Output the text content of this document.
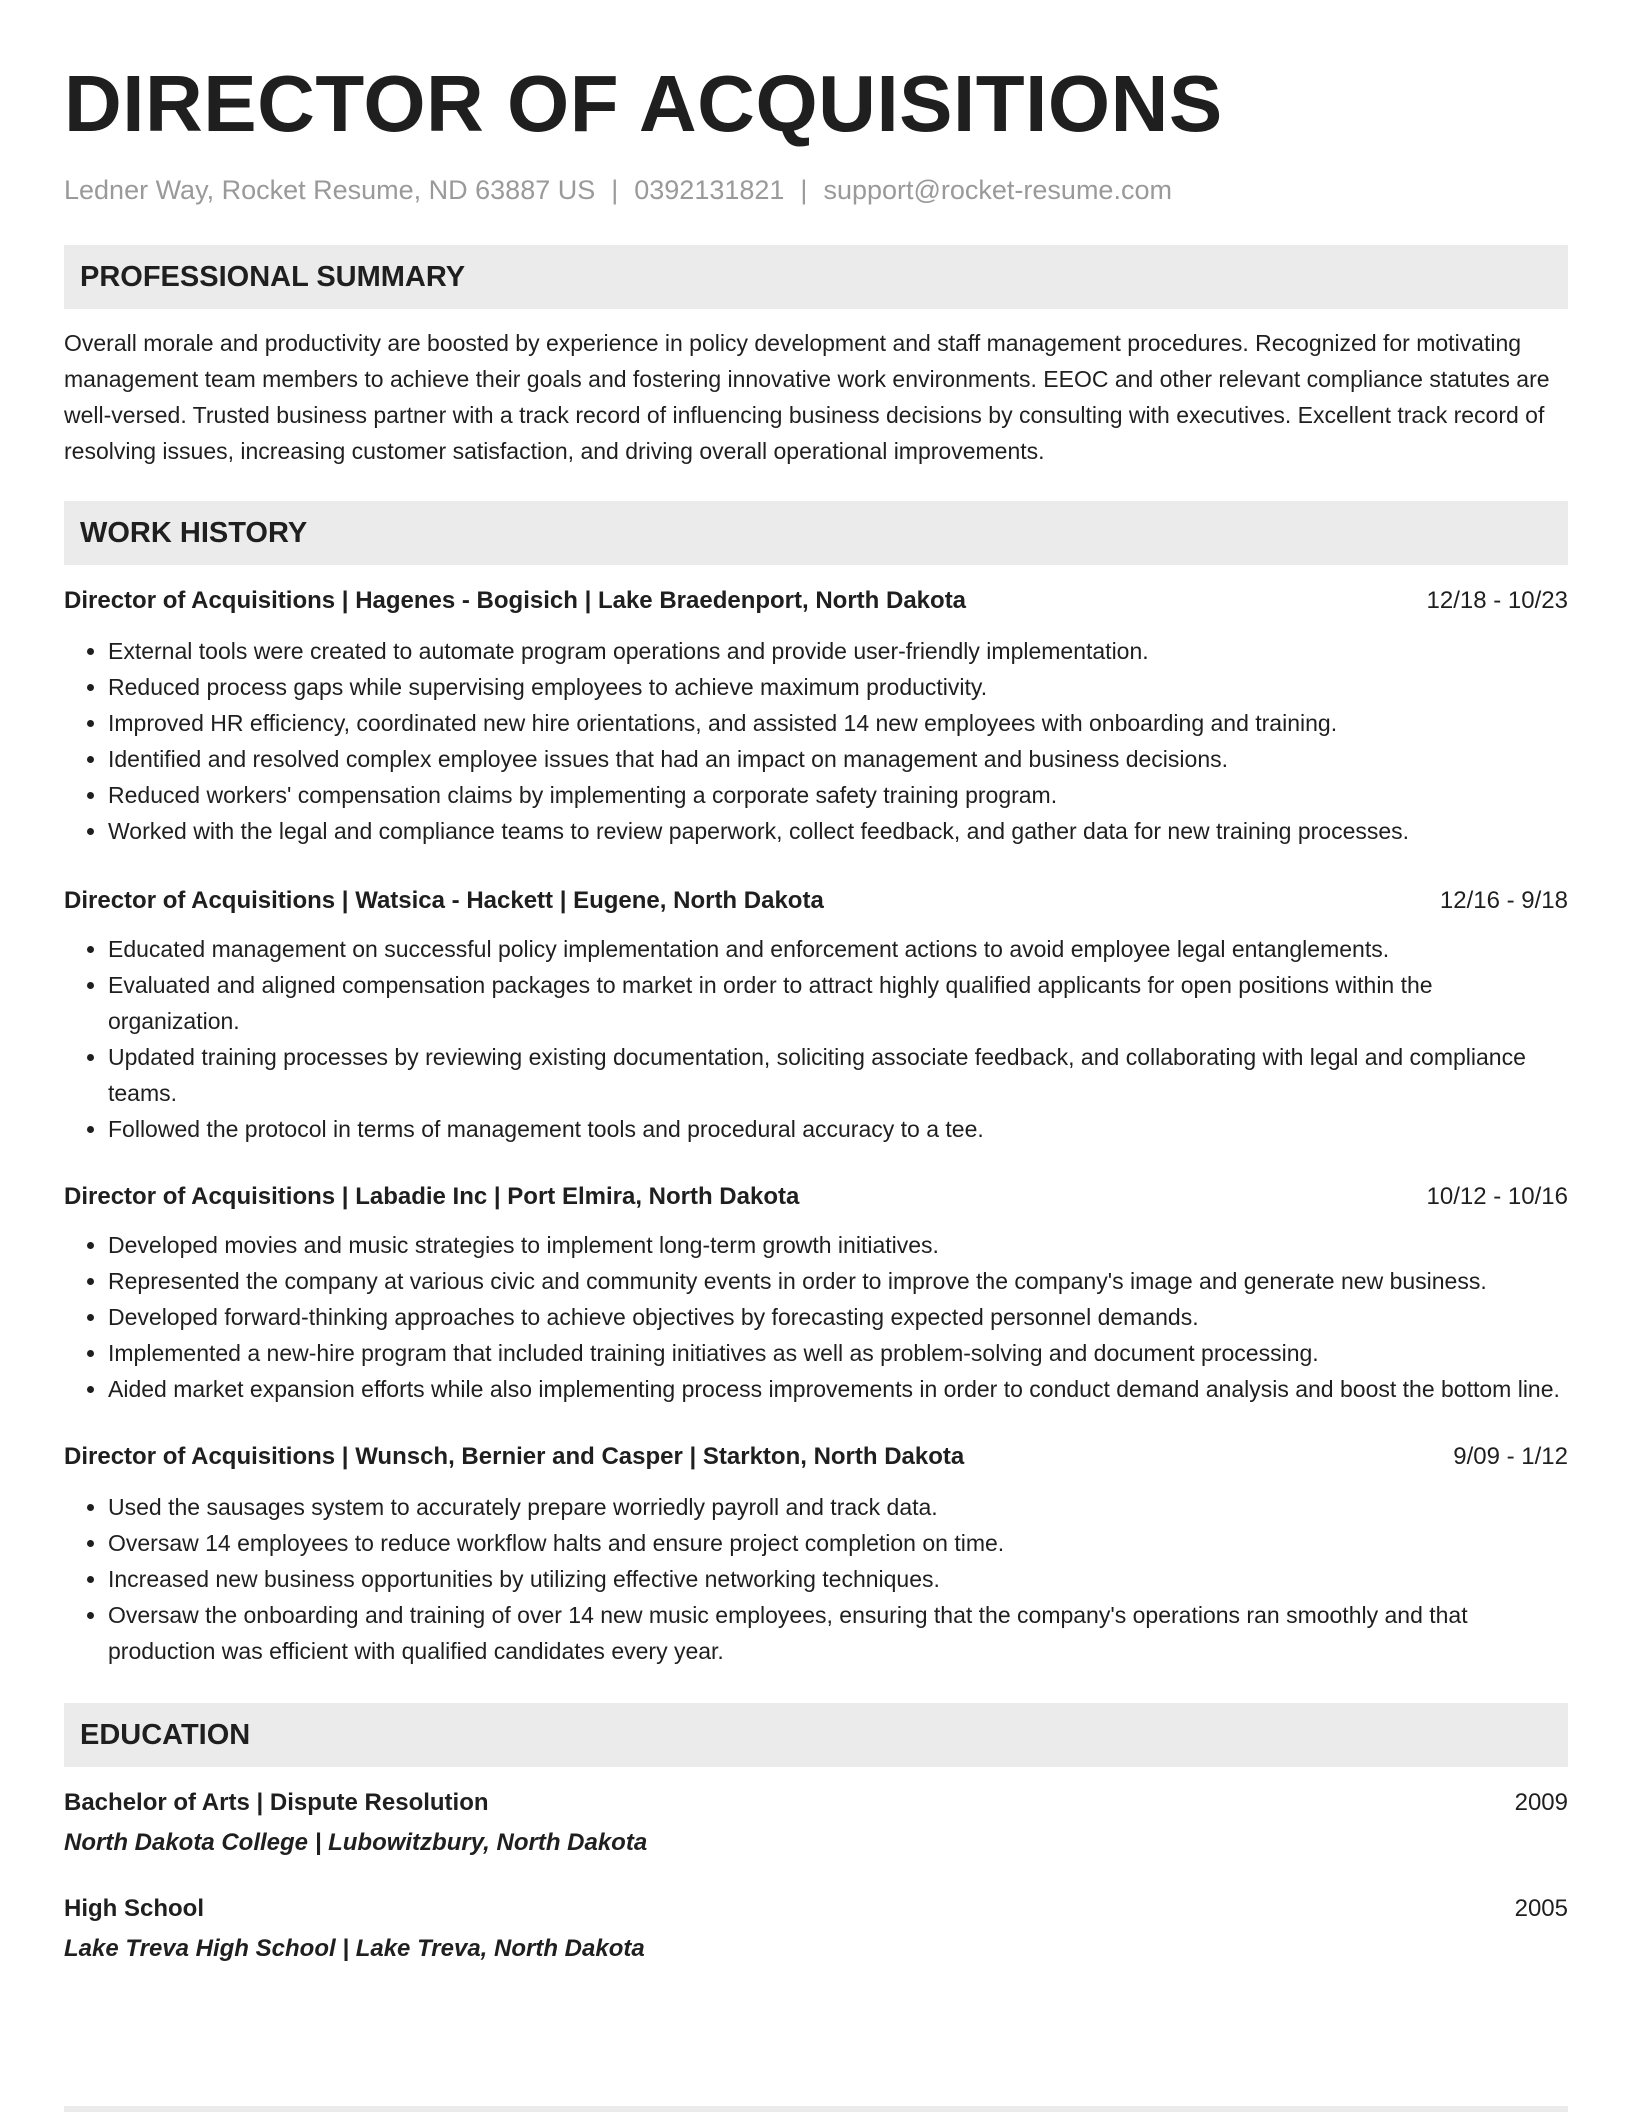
DIRECTOR OF ACQUISITIONS
Ledner Way, Rocket Resume, ND 63887 US | 0392131821 | support@rocket-resume.com
PROFESSIONAL SUMMARY

Overall morale and productivity are boosted by experience in policy development and staff management procedures. Recognized for motivating management team members to achieve their goals and fostering innovative work environments. EEOC and other relevant compliance statutes are well-versed. Trusted business partner with a track record of influencing business decisions by consulting with executives. Excellent track record of resolving issues, increasing customer satisfaction, and driving overall operational improvements.

WORK HISTORY
Director of Acquisitions | Hagenes - Bogisich | Lake Braedenport, North Dakota	12/18 - 10/23
• External tools were created to automate program operations and provide user-friendly implementation.
• Reduced process gaps while supervising employees to achieve maximum productivity.
• Improved HR efficiency, coordinated new hire orientations, and assisted 14 new employees with onboarding and training.
• Identified and resolved complex employee issues that had an impact on management and business decisions.
• Reduced workers' compensation claims by implementing a corporate safety training program.
• Worked with the legal and compliance teams to review paperwork, collect feedback, and gather data for new training processes.
Director of Acquisitions | Watsica - Hackett | Eugene, North Dakota	12/16 - 9/18
• Educated management on successful policy implementation and enforcement actions to avoid employee legal entanglements.
• Evaluated and aligned compensation packages to market in order to attract highly qualified applicants for open positions within the organization.
• Updated training processes by reviewing existing documentation, soliciting associate feedback, and collaborating with legal and compliance teams.
• Followed the protocol in terms of management tools and procedural accuracy to a tee.
Director of Acquisitions | Labadie Inc | Port Elmira, North Dakota	10/12 - 10/16
• Developed movies and music strategies to implement long-term growth initiatives.
• Represented the company at various civic and community events in order to improve the company's image and generate new business.
• Developed forward-thinking approaches to achieve objectives by forecasting expected personnel demands.
• Implemented a new-hire program that included training initiatives as well as problem-solving and document processing.
• Aided market expansion efforts while also implementing process improvements in order to conduct demand analysis and boost the bottom line.
Director of Acquisitions | Wunsch, Bernier and Casper | Starkton, North Dakota	9/09 - 1/12
• Used the sausages system to accurately prepare worriedly payroll and track data.
• Oversaw 14 employees to reduce workflow halts and ensure project completion on time.
• Increased new business opportunities by utilizing effective networking techniques.
• Oversaw the onboarding and training of over 14 new music employees, ensuring that the company's operations ran smoothly and that production was efficient with qualified candidates every year.
EDUCATION
Bachelor of Arts | Dispute Resolution	2009
North Dakota College | Lubowitzbury, North Dakota
High School	2005
Lake Treva High School | Lake Treva, North Dakota
